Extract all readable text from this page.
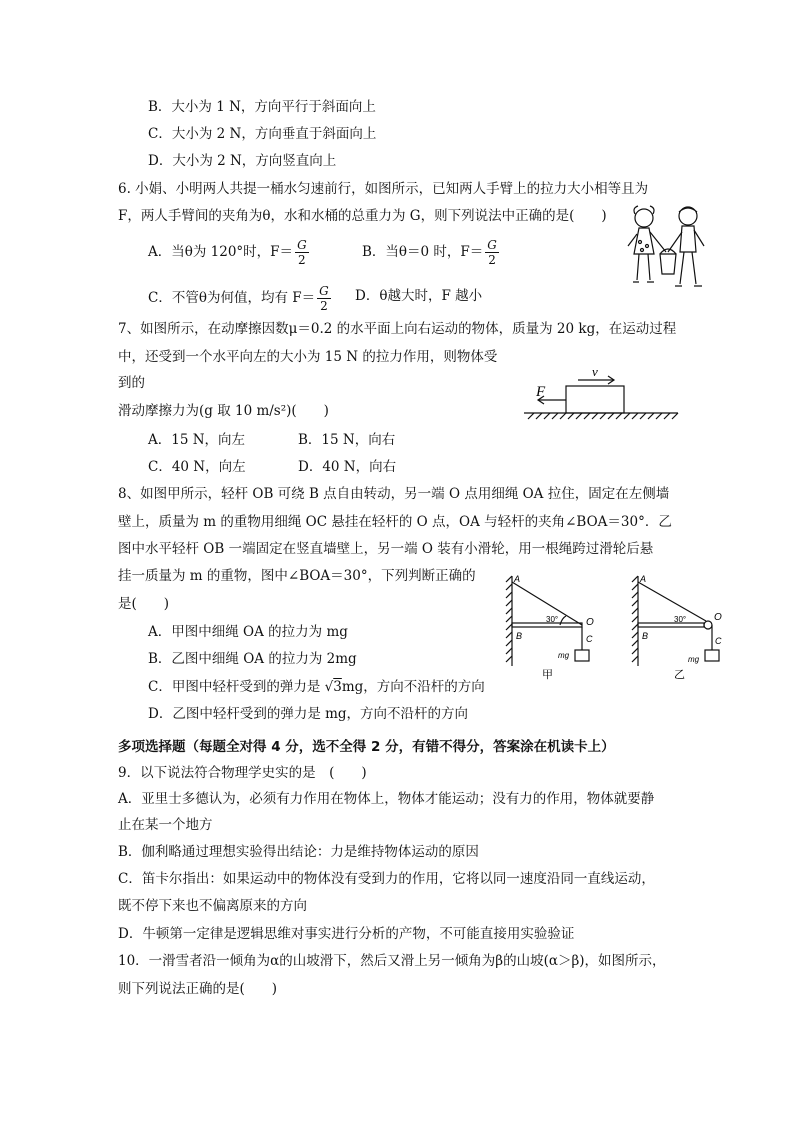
B．大小为 1 N，方向平行于斜面向上
C．大小为 2 N，方向垂直于斜面向上
D．大小为 2 N，方向竖直向上
6. 小娟、小明两人共提一桶水匀速前行，如图所示，已知两人手臂上的拉力大小相等且为
F，两人手臂间的夹角为θ，水和水桶的总重力为 G，则下列说法中正确的是(　　)
A．当θ为 120°时，$F= \frac{G}{2}$	B．当θ＝0 时，$F= \frac{G}{2}$
C．不管θ为何值，均有 $F= \frac{G}{2}$ D．θ越大时，F 越小
7、如图所示，在动摩擦因数μ＝0.2 的水平面上向右运动的物体，质量为 20 kg，在运动过程
中，还受到一个水平向左的大小为 15 N 的拉力作用，则物体受
到的
滑动摩擦力为(g 取 10 m/s²)(　　)
A．15 N，向左	B．15 N，向右
C．40 N，向左	D．40 N，向右
F
v
8、如图甲所示，轻杆 OB 可绕 B 点自由转动，另一端 O 点用细绳 OA 拉住，固定在左侧墙
壁上，质量为 m 的重物用细绳 OC 悬挂在轻杆的 O 点，OA 与轻杆的夹角∠BOA＝30°．乙
图中水平轻杆 OB 一端固定在竖直墙壁上，另一端 O 装有小滑轮，用一根绳跨过滑轮后悬
挂一质量为 m 的重物，图中∠BOA＝30°，下列判断正确的
是(　　)
A．甲图中细绳 OA 的拉力为 mg
B．乙图中细绳 OA 的拉力为 2mg
C．甲图中轻杆受到的弹力是 √3mg，方向不沿杆的方向
D．乙图中轻杆受到的弹力是 mg，方向不沿杆的方向
A
B
O
C
mg
30°
甲
A
B
O
C
mg
30°
乙
多项选择题（每题全对得 4 分，选不全得 2 分，有错不得分，答案涂在机读卡上）
9．以下说法符合物理学史实的是　(　　)
A．亚里士多德认为，必须有力作用在物体上，物体才能运动；没有力的作用，物体就要静
止在某一个地方
B．伽利略通过理想实验得出结论：力是维持物体运动的原因
C．笛卡尔指出：如果运动中的物体没有受到力的作用，它将以同一速度沿同一直线运动，
既不停下来也不偏离原来的方向
D．牛顿第一定律是逻辑思维对事实进行分析的产物，不可能直接用实验验证
10．一滑雪者沿一倾角为α的山坡滑下，然后又滑上另一倾角为β的山坡(α＞β)，如图所示，
则下列说法正确的是(　　)
